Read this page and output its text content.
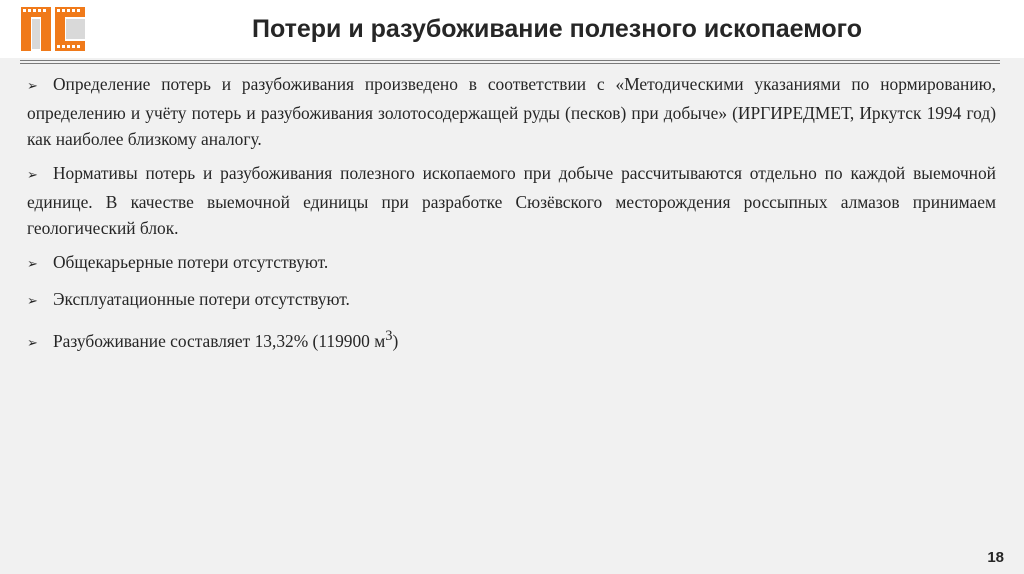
Потери и разубоживание полезного ископаемого

➢ Определение потерь и разубоживания произведено в соответствии с «Методическими указаниями по нормированию, определению и учёту потерь и разубоживания золотосодержащей руды (песков) при добыче» (ИРГИРЕДМЕТ, Иркутск 1994 год) как наиболее близкому аналогу.

➢ Нормативы потерь и разубоживания полезного ископаемого при добыче рассчитываются отдельно по каждой выемочной единице. В качестве выемочной единицы при разработке Сюзёвского месторождения россыпных алмазов принимаем геологический блок.

➢ Общекарьерные потери отсутствуют.

➢ Эксплуатационные потери отсутствуют.

➢ Разубоживание составляет 13,32% (119900 $м^3$)

18
